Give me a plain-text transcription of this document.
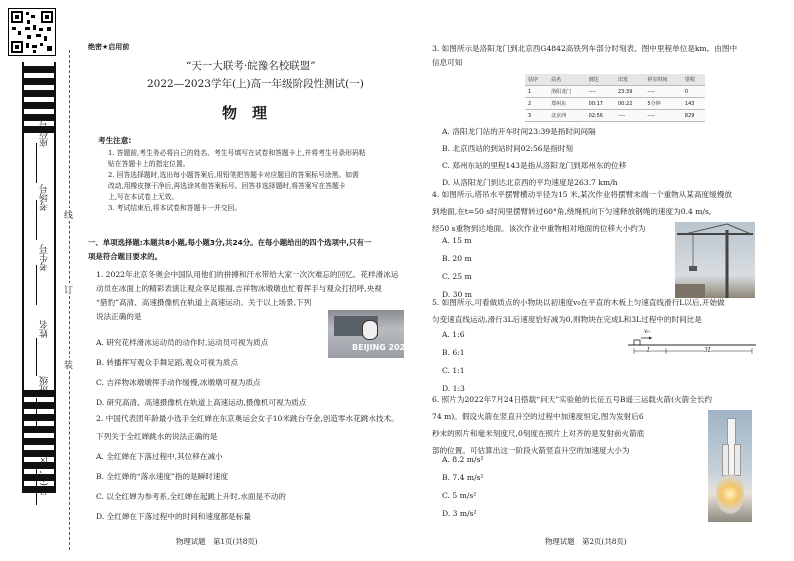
座位号
考场号
考生号
姓名
班级
县(市、区)
线
订
装
绝密★启用前
“天一大联考·皖豫名校联盟”
2022—2023学年(上)高一年级阶段性测试(一)
物　理
考生注意:
1. 答题前,考生务必将自己的姓名、考生号填写在试卷和答题卡上,并将考生号条形码粘
贴在答题卡上的指定位置。
2. 回答选择题时,选出每小题答案后,用铅笔把答题卡对应题目的答案标号涂黑。如需
改动,用橡皮擦干净后,再选涂其他答案标号。回答非选择题时,将答案写在答题卡
上,写在本试卷上无效。
3. 考试结束后,将本试卷和答题卡一并交回。
一、单项选择题:本题共8小题,每小题3分,共24分。在每小题给出的四个选项中,只有一
项是符合题目要求的。
1. 2022年北京冬奥会中国队用他们的拼搏和汗水带给大家一次次难忘的回忆。花样滑冰运
动员在冰面上的精彩表演让观众享足眼福,吉祥物冰墩墩也忙着挥手与观众打招呼,央视
“猎豹”高清、高速摄像机在轨道上高速运动。关于以上场景,下列
说法正确的是
BEIJING 2022
A. 研究花样滑冰运动员的动作时,运动员可视为质点
B. 转播挥写观众手舞足蹈,观众可视为质点
C. 吉祥物冰墩墩挥手动作缓慢,冰墩墩可视为质点
D. 研究高清、高速摄像机在轨道上高速运动,摄像机可视为质点
2. 中国代表团年龄最小选手全红婵在东京奥运会女子10米跳台夺金,创造零水花跳水技术。
下列关于全红婵跳水的说法正确的是
A. 全红婵在下落过程中,其位移在减小
B. 全红婵的“落水速度”指的是瞬时速度
C. 以全红婵为参考系,全红婵在起跳上升时,水面是不动的
D. 全红婵在下落过程中的时间和速度都是标量
物理试题　第1页(共8页)
3. 如图所示是洛阳龙门到北京西G4842高铁列车部分时刻表、图中里程单位是km。由图中
信息可知
站序	站名	到达	出发	停车时间	里程
1	洛阳龙门	----	23:39	----	0
2	郑州东	00:17	00:22	5分钟	143
3	北京西	02:56	----	----	829
A. 洛阳龙门站的开车时间23:39是指时间间隔
B. 北京西站的到站时间02:56是指时刻
C. 郑州东站的里程143是指从洛阳龙门到郑州东的位移
D. 从洛阳龙门到达北京西的平均速度是263.7 km/h
4. 如图所示,塔吊水平摆臂横动半径为15 米,某次作业将摆臂末端一个重物从某高度缓慢放
到地面,在t=50 s时间里摆臂转过60°角,绕绳机向下匀速释放钢绳的速度为0.4 m/s,
经50 s重物到达地面。该次作业中重物相对地面的位移大小约为
A. 15 m
B. 20 m
C. 25 m
D. 30 m
5. 如图所示,可看做质点的小物块以初速度v₀在平直的木板上匀速直线滑行L以后,开始做
匀变速直线运动,滑行3L后速度恰好减为0,则物块在完成L和3L过程中的时间比是
v₀
L	3L
A. 1:6
B. 6:1
C. 1:1
D. 1:3
6. 照片为2022年7月24日搭载“问天”实验舱的长征五号B遥三运载火箭(火箭全长约
74 m)。假设火箭在竖直升空的过程中加速度恒定,图为发射后6
秒末的照片和毫米刻度尺,0刻度在照片上对齐的是发射前火箭底
部的位置。可估算出这一阶段火箭竖直升空的加速度大小为
A. 8.2 m/s²
B. 7.4 m/s²
C. 5 m/s²
D. 3 m/s²
物理试题　第2页(共8页)
